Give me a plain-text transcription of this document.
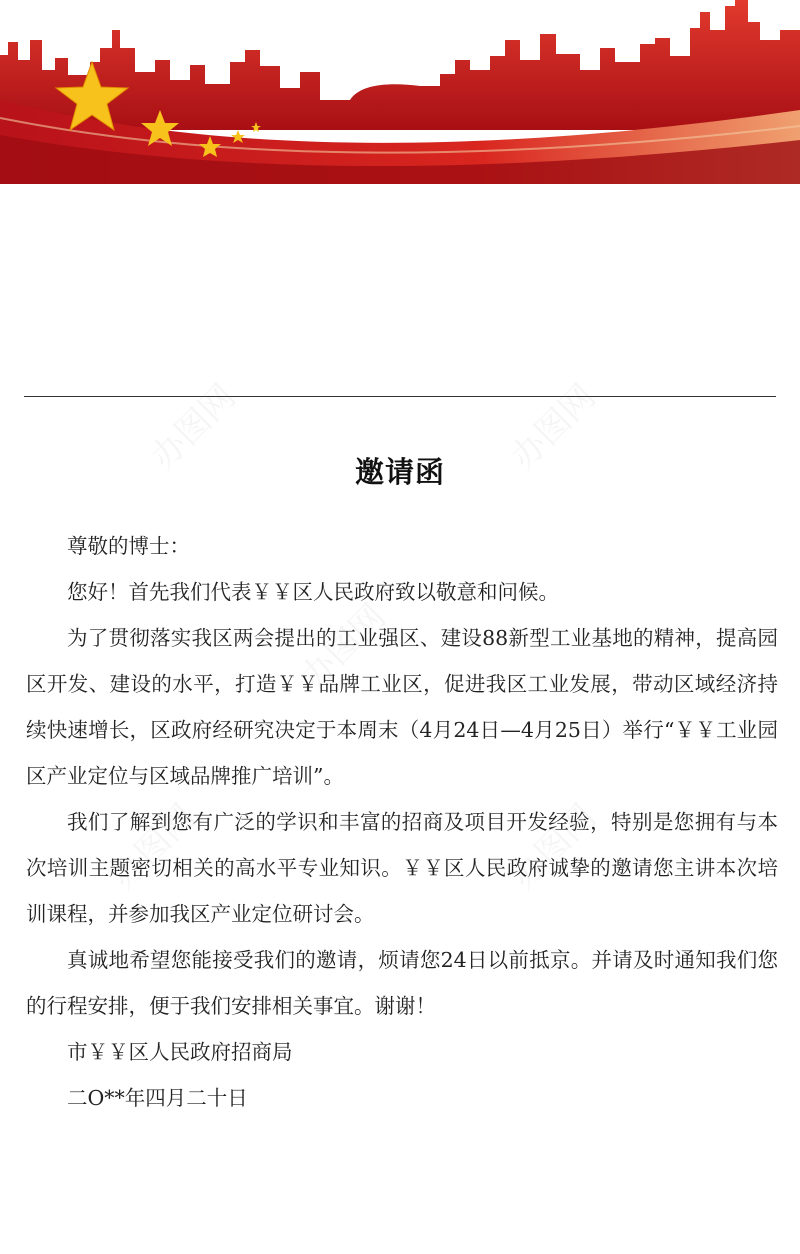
办图网	办图网
办图网
办图网	办图网
邀请函

尊敬的博士：

您好！首先我们代表￥￥区人民政府致以敬意和问候。

为了贯彻落实我区两会提出的工业强区、建设88新型工业基地的精神，提高园区开发、建设的水平，打造￥￥品牌工业区，促进我区工业发展，带动区域经济持续快速增长，区政府经研究决定于本周末（4月24日—4月25日）举行“￥￥工业园区产业定位与区域品牌推广培训”。

我们了解到您有广泛的学识和丰富的招商及项目开发经验，特别是您拥有与本次培训主题密切相关的高水平专业知识。￥￥区人民政府诚挚的邀请您主讲本次培训课程，并参加我区产业定位研讨会。

真诚地希望您能接受我们的邀请，烦请您24日以前抵京。并请及时通知我们您的行程安排，便于我们安排相关事宜。谢谢！

市￥￥区人民政府招商局

二O**年四月二十日
